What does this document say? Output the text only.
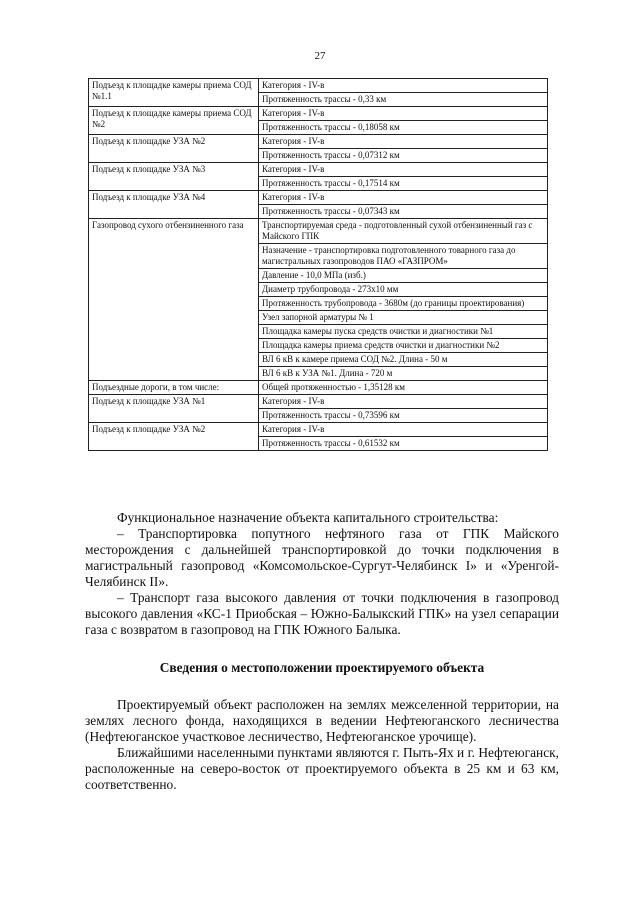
27
Подъезд к площадке камеры приема СОД №1.1	Категория - IV-в
	Протяженность трассы - 0,33 км
Подъезд к площадке камеры приема СОД №2	Категория - IV-в
	Протяженность трассы - 0,18058 км
Подъезд к площадке УЗА №2	Категория - IV-в
	Протяженность трассы - 0,07312 км
Подъезд к площадке УЗА №3	Категория - IV-в
	Протяженность трассы - 0,17514 км
Подъезд к площадке УЗА №4	Категория - IV-в
	Протяженность трассы - 0,07343 км
Газопровод сухого отбензиненного газа	Транспортируемая среда - подготовленный сухой отбензиненный газ с Майского ГПК
	Назначение - транспортировка подготовленного товарного газа до магистральных газопроводов ПАО «ГАЗПРОМ»
	Давление - 10,0 МПа (изб.)
	Диаметр трубопровода - 273х10 мм
	Протяженность трубопровода - 3680м (до границы проектирования)
	Узел запорной арматуры № 1
	Площадка камеры пуска средств очистки и диагностики №1
	Площадка камеры приема средств очистки и диагностики №2
	ВЛ 6 кВ к камере приема СОД №2. Длина - 50 м
	ВЛ 6 кВ к УЗА №1. Длина - 720 м
Подъездные дороги, в том числе:	Общей протяженностью - 1,35128 км
Подъезд к площадке УЗА №1	Категория - IV-в
	Протяженность трассы - 0,73596 км
Подъезд к площадке УЗА №2	Категория - IV-в
	Протяженность трассы - 0,61532 км

Функциональное назначение объекта капитального строительства:

– Транспортировка попутного нефтяного газа от ГПК Майского месторождения с дальнейшей транспортировкой до точки подключения в магистральный газопровод «Комсомольское-Сургут-Челябинск I» и «Уренгой-Челябинск II».

– Транспорт газа высокого давления от точки подключения в газопровод высокого давления «КС-1 Приобская – Южно-Балыкский ГПК» на узел сепарации газа с возвратом в газопровод на ГПК Южного Балыка.

Сведения о местоположении проектируемого объекта

Проектируемый объект расположен на землях межселенной территории, на землях лесного фонда, находящихся в ведении Нефтеюганского лесничества (Нефтеюганское участковое лесничество, Нефтеюганское урочище).

Ближайшими населенными пунктами являются г. Пыть-Ях и г. Нефтеюганск, расположенные на северо-восток от проектируемого объекта в 25 км и 63 км, соответственно.
